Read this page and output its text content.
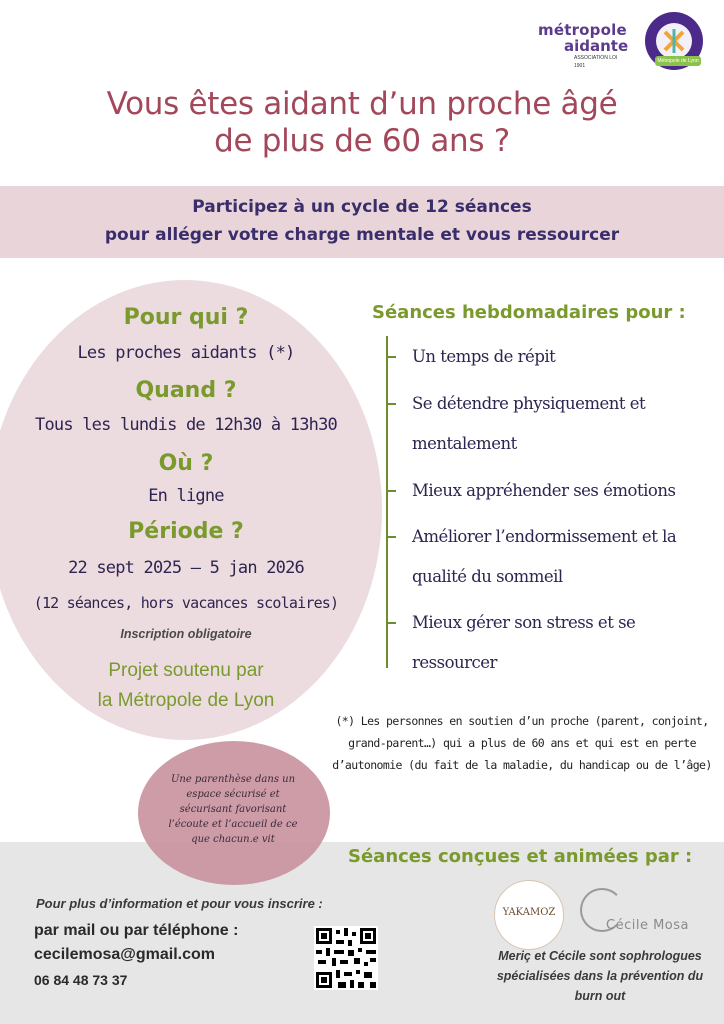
métropole
aidante
ASSOCIATION LOI 1901
Métropole de Lyon
Vous êtes aidant d’un proche âgé
de plus de 60 ans ?
Participez à un cycle de 12 séances
pour alléger votre charge mentale et vous ressourcer
Pour qui ?
Les proches aidants (*)
Quand ?
Tous les lundis de 12h30 à 13h30
Où ?
En ligne
Période ?
22 sept 2025 – 5 jan 2026
(12 séances, hors vacances scolaires)
Inscription obligatoire
Projet soutenu par
la Métropole de Lyon
Séances hebdomadaires pour :
Un temps de répit
Se détendre physiquement et
mentalement
Mieux appréhender ses émotions
Améliorer l’endormissement et la
qualité du sommeil
Mieux gérer son stress et se
ressourcer
(*) Les personnes en soutien d’un proche (parent, conjoint,
grand-parent…) qui a plus de 60 ans et qui est en perte
d’autonomie (du fait de la maladie, du handicap ou de l’âge)
Une parenthèse dans un
espace sécurisé et
sécurisant favorisant
l’écoute et l’accueil de ce
que chacun.e vit
Séances conçues et animées par :
Pour plus d’information et pour vous inscrire :
par mail ou par téléphone :
cecilemosa@gmail.com
06 84 48 73 37
YAKAMOZ
Cécile Mosa
Meriç et Cécile sont sophrologues
spécialisées dans la prévention du
burn out
